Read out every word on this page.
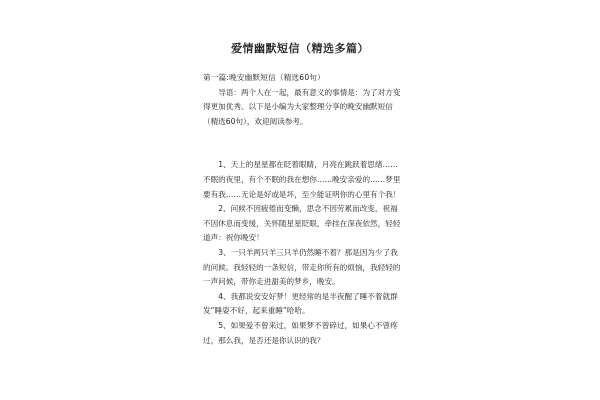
爱情幽默短信（精选多篇）

第一篇:晚安幽默短信（精选60句）

导语：两个人在一起，最有意义的事情是：为了对方变得更加优秀。以下是小编为大家整理分享的晚安幽默短信（精选60句），欢迎阅读参考。

1、天上的星星都在眨着眼睛，月亮在跳跃着思绪……不眠的夜里，有个不眠的我在想你……晚安亲爱的……梦里要有我……无论是好或是坏，至少能证明你的心里有个我！

2、问候不因疲倦而变懒，思念不因劳累而改变，祝福不因休息而变缓，关怀随星星眨眼，牵挂在深夜依然，轻轻道声：祝你晚安！

3、一只羊两只羊三只羊仍然睡不着？那是因为少了我的问候。我轻轻的一条短信，带走你所有的烦恼，我轻轻的一声问候，带你走进甜美的梦乡，晚安。

4、我都说安安好梦！更经常的是半夜醒了睡不着就群发“睡姿不好，起来重睡”哈哈。

5、如果爱不曾来过，如果梦不曾碎过，如果心不曾疼过，那么我，是否还是你认识的我？
